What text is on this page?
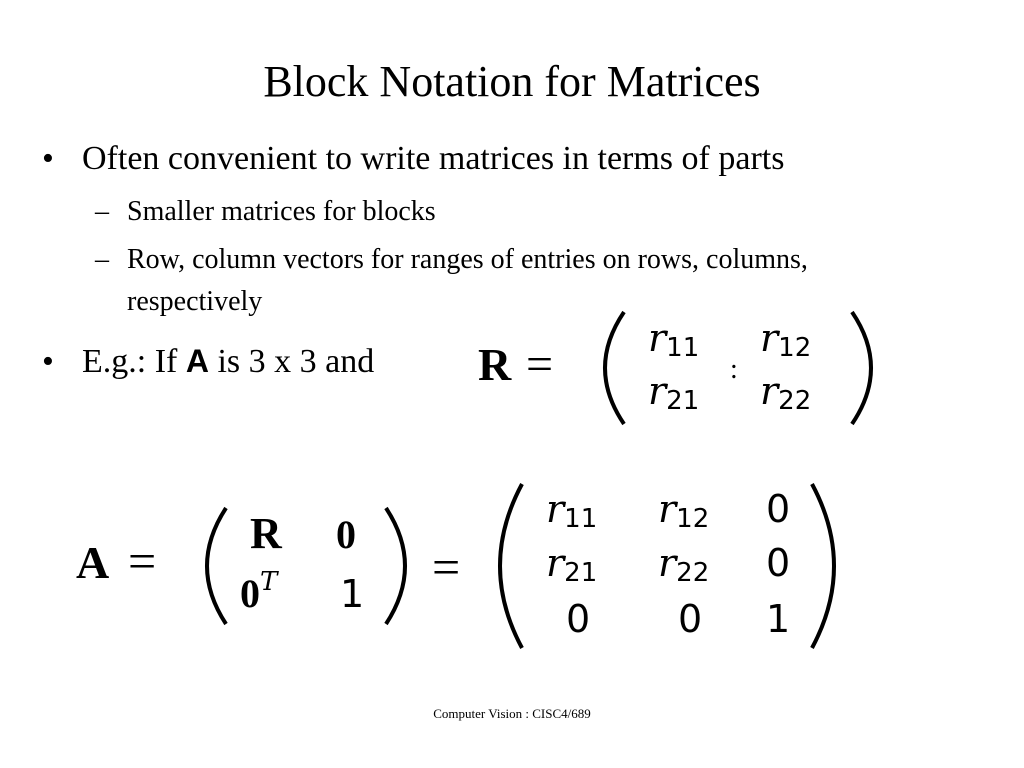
Block Notation for Matrices
• Often convenient to write matrices in terms of parts
– Smaller matrices for blocks
– Row, column vectors for ranges of entries on rows, columns,
respectively
• E.g.: If A is 3 x 3 and R = r11 r12
r21 r22
:
A = R 0
0T 1 =
r11 r12 0
r21 r22 0
0 0 1
Computer Vision : CISC4/689
